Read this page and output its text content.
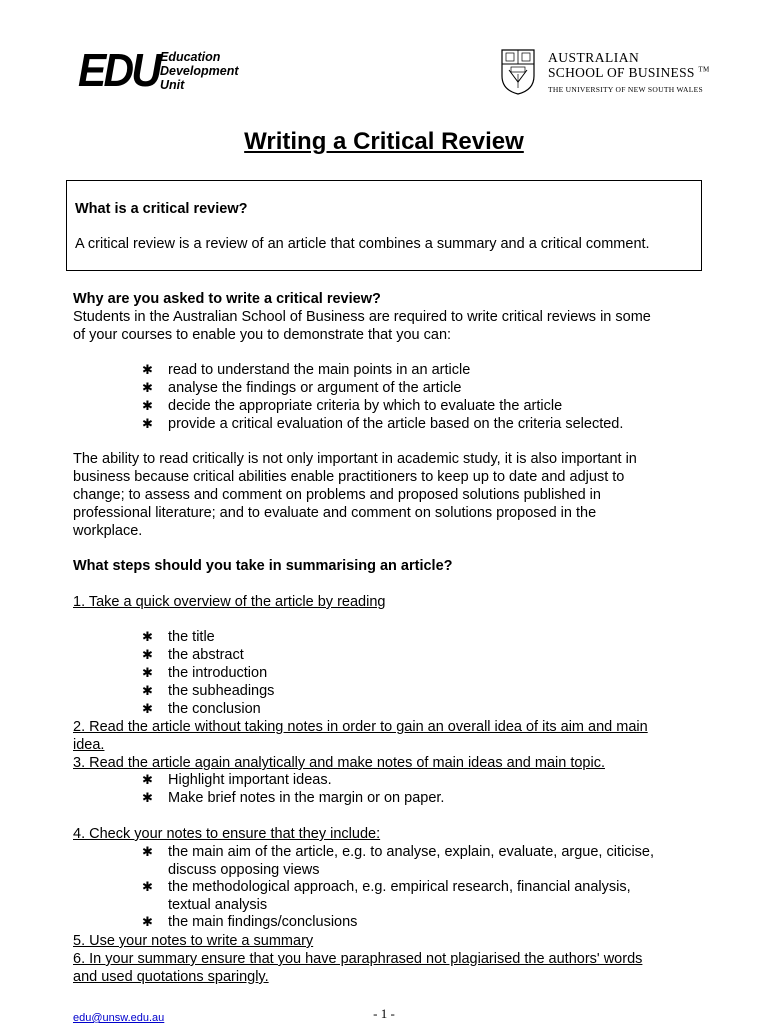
EDU Education
Development
Unit
AUSTRALIAN
SCHOOL OF BUSINESS ™
THE UNIVERSITY OF NEW SOUTH WALES
Writing a Critical Review
What is a critical review?
A critical review is a review of an article that combines a summary and a critical comment.
Why are you asked to write a critical review?
Students in the Australian School of Business are required to write critical reviews in some
of your courses to enable you to demonstrate that you can:
✱ read to understand the main points in an article
✱ analyse the findings or argument of the article
✱ decide the appropriate criteria by which to evaluate the article
✱ provide a critical evaluation of the article based on the criteria selected.
The ability to read critically is not only important in academic study, it is also important in
business because critical abilities enable practitioners to keep up to date and adjust to
change; to assess and comment on problems and proposed solutions published in
professional literature; and to evaluate and comment on solutions proposed in the
workplace.
What steps should you take in summarising an article?
1. Take a quick overview of the article by reading
✱ the title
✱ the abstract
✱ the introduction
✱ the subheadings
✱ the conclusion
2. Read the article without taking notes in order to gain an overall idea of its aim and main
idea.
3. Read the article again analytically and make notes of main ideas and main topic.
✱ Highlight important ideas.
✱ Make brief notes in the margin or on paper.
4. Check your notes to ensure that they include:
✱ the main aim of the article, e.g. to analyse, explain, evaluate, argue, citicise,
discuss opposing views
✱ the methodological approach, e.g. empirical research, financial analysis,
textual analysis
✱ the main findings/conclusions
5. Use your notes to write a summary
6. In your summary ensure that you have paraphrased not plagiarised the authors' words
and used quotations sparingly.
- 1 -
edu@unsw.edu.au
